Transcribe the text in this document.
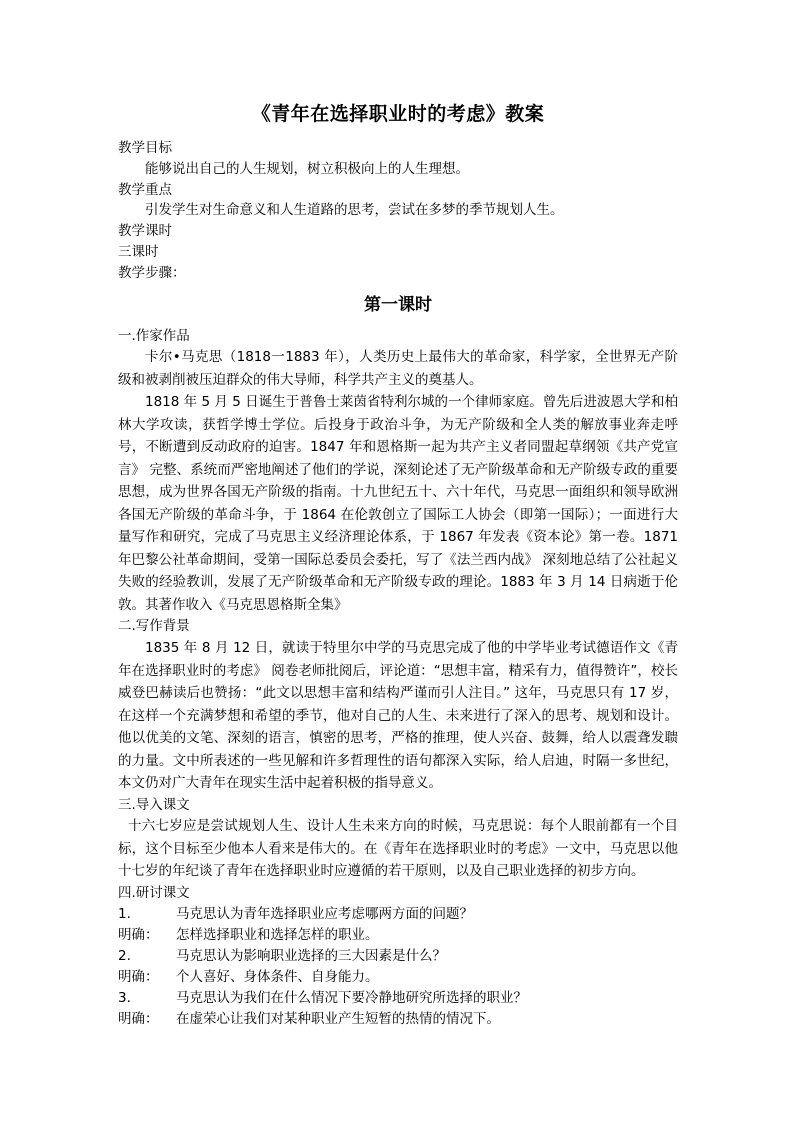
《青年在选择职业时的考虑》教案
教学目标
能够说出自己的人生规划，树立积极向上的人生理想。
教学重点
引发学生对生命意义和人生道路的思考，尝试在多梦的季节规划人生。
教学课时
三课时
教学步骤：
第一课时
一.作家作品

卡尔•马克思（1818一1883 年），人类历史上最伟大的革命家，科学家，全世界无产阶级和被剥削被压迫群众的伟大导师，科学共产主义的奠基人。

1818 年 5 月 5 日诞生于普鲁士莱茵省特利尔城的一个律师家庭。曾先后进波恩大学和柏林大学攻读，获哲学博士学位。后投身于政治斗争，为无产阶级和全人类的解放事业奔走呼号，不断遭到反动政府的迫害。1847 年和恩格斯一起为共产主义者同盟起草纲领《共产党宣言》 完整、系统而严密地阐述了他们的学说，深刻论述了无产阶级革命和无产阶级专政的重要思想，成为世界各国无产阶级的指南。十九世纪五十、六十年代，马克思一面组织和领导欧洲各国无产阶级的革命斗争，于 1864 在伦敦创立了国际工人协会（即第一国际）；一面进行大量写作和研究，完成了马克思主义经济理论体系，于 1867 年发表《资本论》第一卷。1871 年巴黎公社革命期间，受第一国际总委员会委托，写了《法兰西内战》 深刻地总结了公社起义失败的经验教训，发展了无产阶级革命和无产阶级专政的理论。1883 年 3 月 14 日病逝于伦敦。其著作收入《马克思恩格斯全集》

二.写作背景

1835 年 8 月 12 日，就读于特里尔中学的马克思完成了他的中学毕业考试德语作文《青年在选择职业时的考虑》 阅卷老师批阅后，评论道：“思想丰富，精采有力，值得赞许”，校长威登巴赫读后也赞扬：“此文以思想丰富和结构严谨而引人注目。” 这年，马克思只有 17 岁，在这样一个充满梦想和希望的季节，他对自己的人生、未来进行了深入的思考、规划和设计。他以优美的文笔、深刻的语言，慎密的思考，严格的推理，使人兴奋、鼓舞，给人以震聋发聩的力量。文中所表述的一些见解和许多哲理性的语句都深入实际，给人启迪，时隔一多世纪，本文仍对广大青年在现实生活中起着积极的指导意义。

三.导入课文

十六七岁应是尝试规划人生、设计人生未来方向的时候，马克思说：每个人眼前都有一个目标，这个目标至少他本人看来是伟大的。在《青年在选择职业时的考虑》一文中，马克思以他十七岁的年纪谈了青年在选择职业时应遵循的若干原则，以及自己职业选择的初步方向。

四.研讨课文
1.	马克思认为青年选择职业应考虑哪两方面的问题？
明确：	怎样选择职业和选择怎样的职业。
2.	马克思认为影响职业选择的三大因素是什么？
明确：	个人喜好、身体条件、自身能力。
3.	马克思认为我们在什么情况下要冷静地研究所选择的职业？
明确：	在虚荣心让我们对某种职业产生短暂的热情的情况下。
